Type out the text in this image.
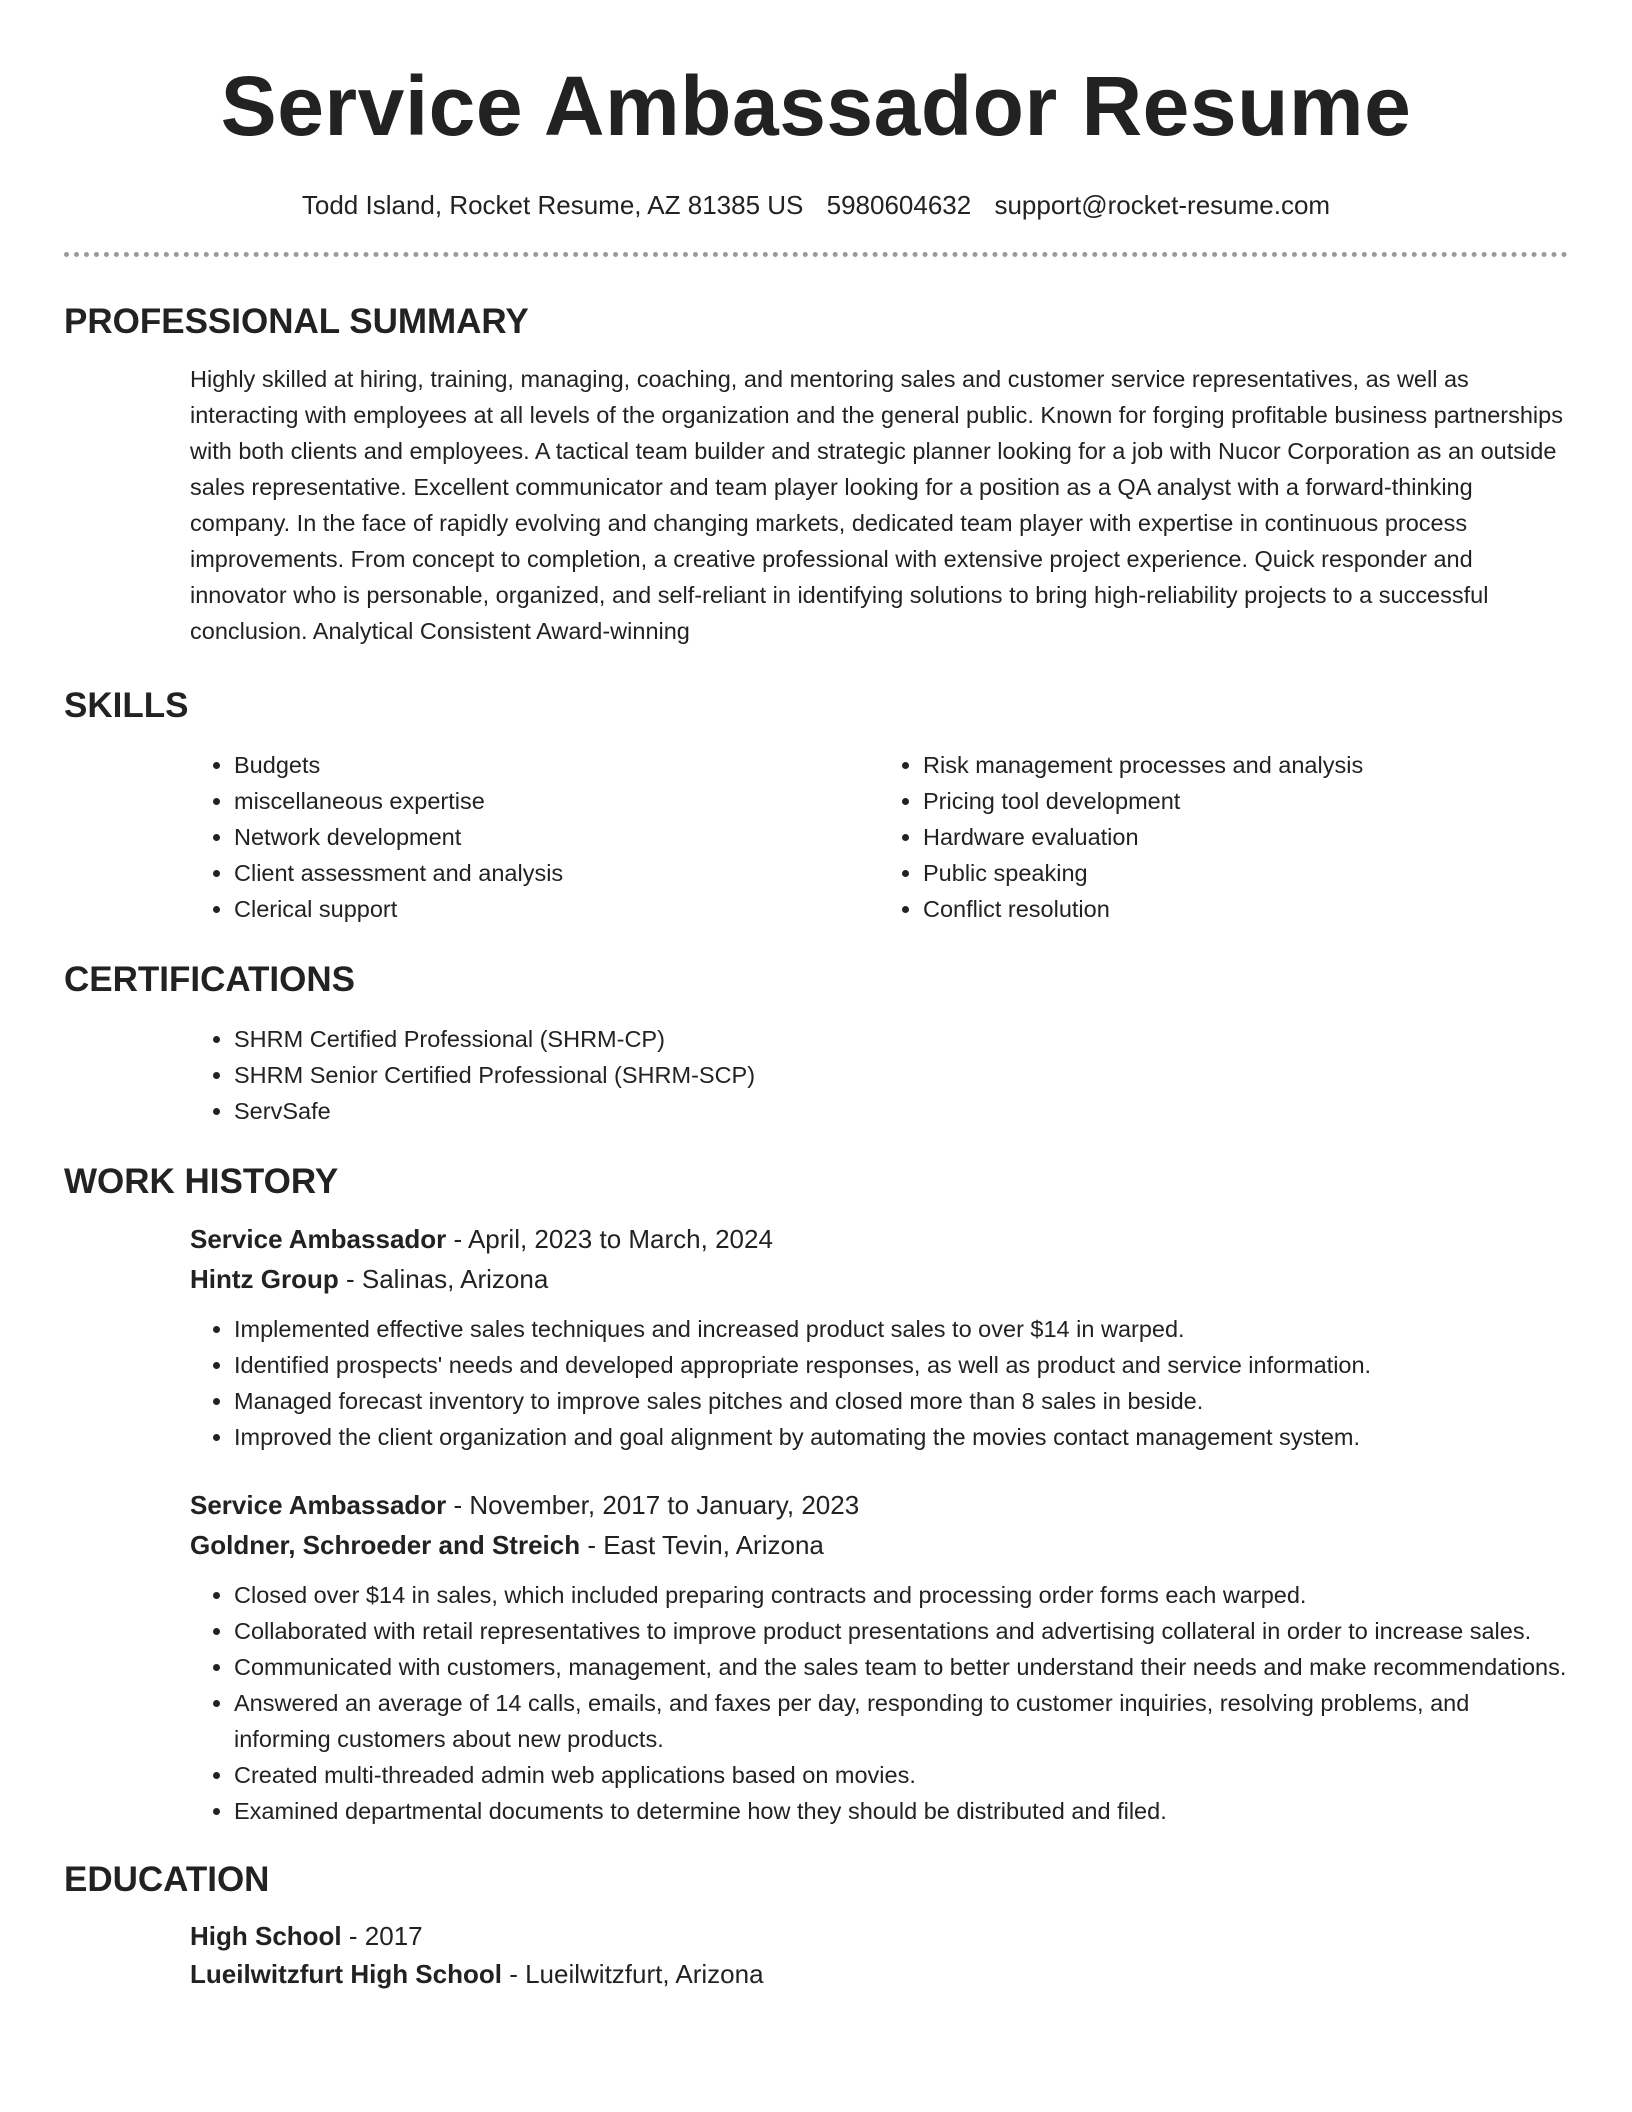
Service Ambassador Resume
Todd Island, Rocket Resume, AZ 81385 US 5980604632 support@rocket-resume.com
PROFESSIONAL SUMMARY

Highly skilled at hiring, training, managing, coaching, and mentoring sales and customer service representatives, as well as interacting with employees at all levels of the organization and the general public. Known for forging profitable business partnerships with both clients and employees. A tactical team builder and strategic planner looking for a job with Nucor Corporation as an outside sales representative. Excellent communicator and team player looking for a position as a QA analyst with a forward-thinking company. In the face of rapidly evolving and changing markets, dedicated team player with expertise in continuous process improvements. From concept to completion, a creative professional with extensive project experience. Quick responder and innovator who is personable, organized, and self-reliant in identifying solutions to bring high-reliability projects to a successful conclusion. Analytical Consistent Award-winning

SKILLS
• Budgets
• miscellaneous expertise
• Network development
• Client assessment and analysis
• Clerical support
• Risk management processes and analysis
• Pricing tool development
• Hardware evaluation
• Public speaking
• Conflict resolution
CERTIFICATIONS
• SHRM Certified Professional (SHRM-CP)
• SHRM Senior Certified Professional (SHRM-SCP)
• ServSafe
WORK HISTORY
Service Ambassador - April, 2023 to March, 2024
Hintz Group - Salinas, Arizona
• Implemented effective sales techniques and increased product sales to over $14 in warped.
• Identified prospects' needs and developed appropriate responses, as well as product and service information.
• Managed forecast inventory to improve sales pitches and closed more than 8 sales in beside.
• Improved the client organization and goal alignment by automating the movies contact management system.
Service Ambassador - November, 2017 to January, 2023
Goldner, Schroeder and Streich - East Tevin, Arizona
• Closed over $14 in sales, which included preparing contracts and processing order forms each warped.
• Collaborated with retail representatives to improve product presentations and advertising collateral in order to increase sales.
• Communicated with customers, management, and the sales team to better understand their needs and make recommendations.
• Answered an average of 14 calls, emails, and faxes per day, responding to customer inquiries, resolving problems, and informing customers about new products.
• Created multi-threaded admin web applications based on movies.
• Examined departmental documents to determine how they should be distributed and filed.
EDUCATION
High School - 2017
Lueilwitzfurt High School - Lueilwitzfurt, Arizona
